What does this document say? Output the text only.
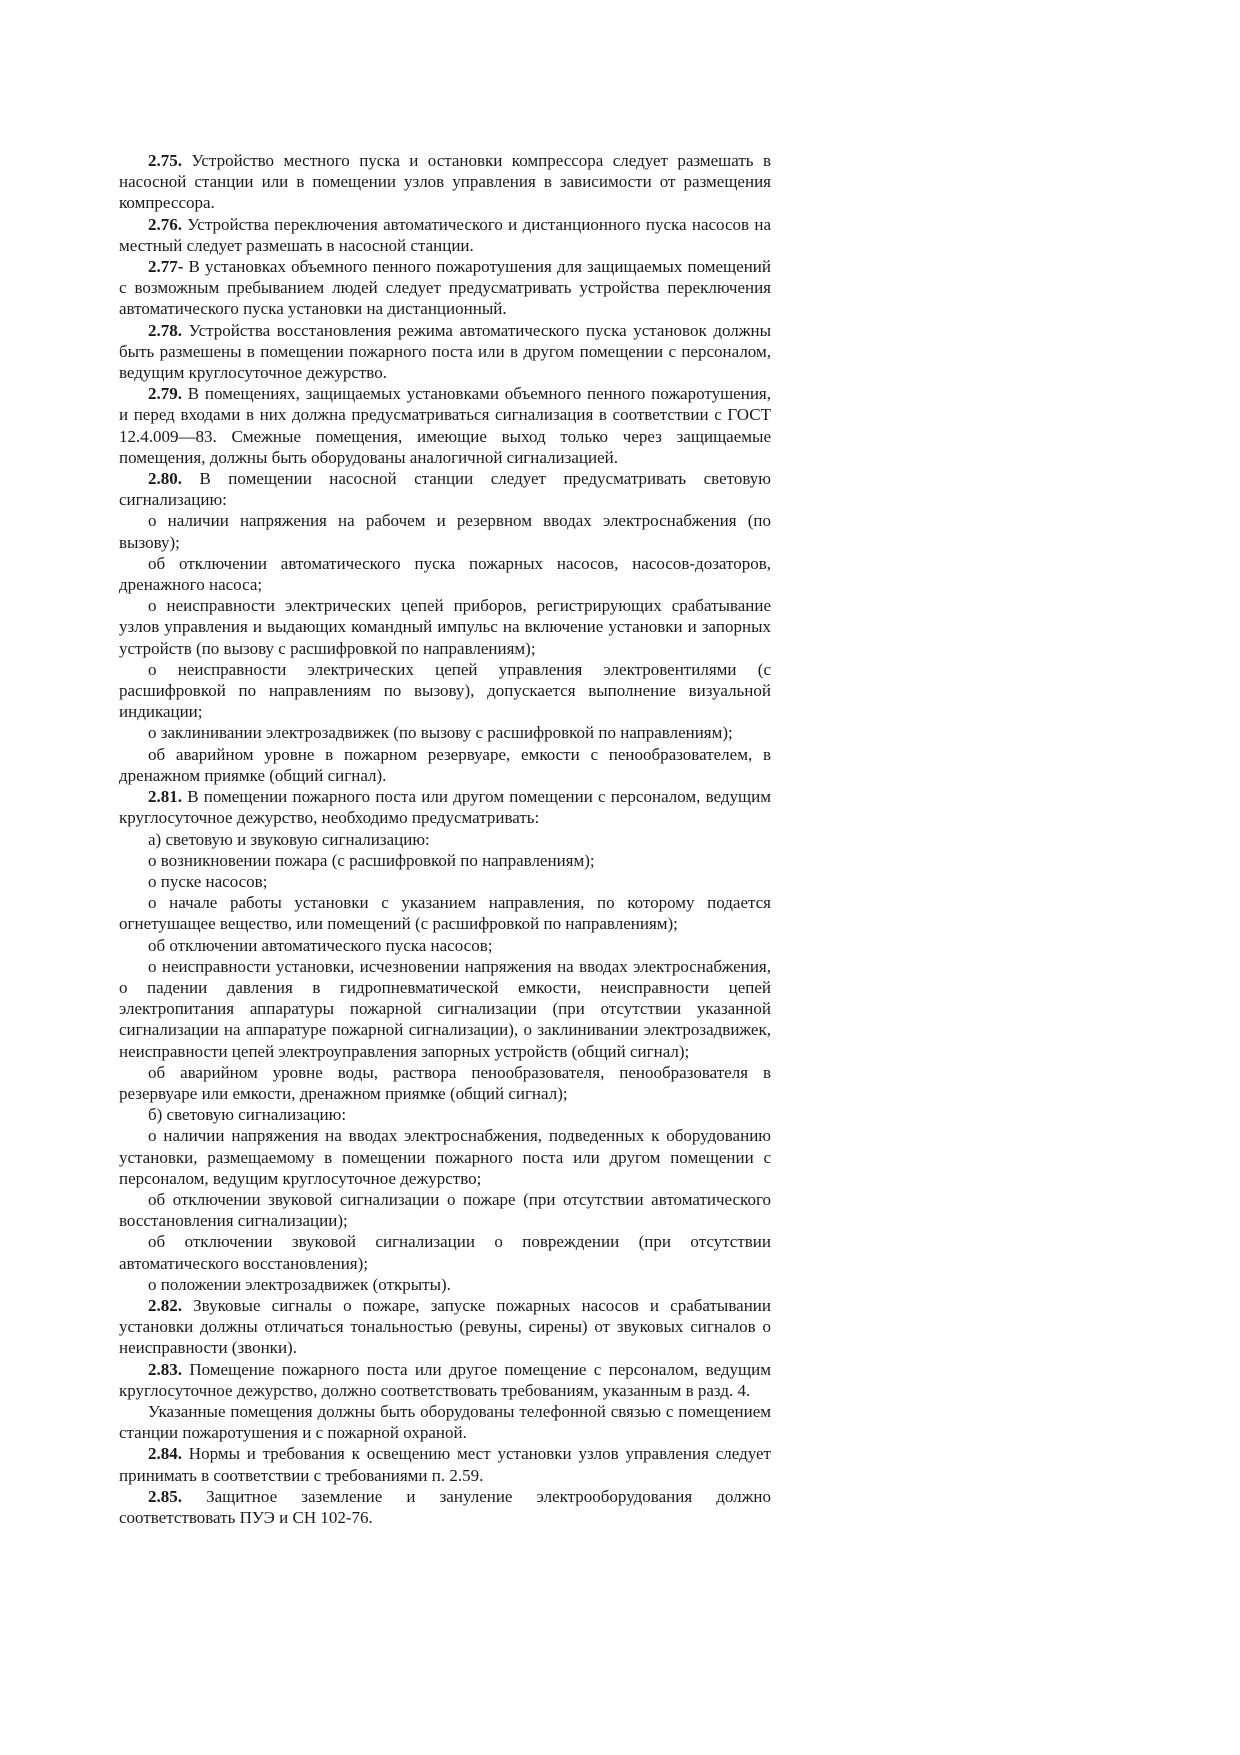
2.75. Устройство местного пуска и остановки компрессора следует размешать в насосной станции или в помещении узлов управления в зависимости от размещения компрессора.

2.76. Устройства переключения автоматического и дистанционного пуска насосов на местный следует размешать в насосной станции.

2.77- В установках объемного пенного пожаротушения для защищаемых помещений с возможным пребыванием людей следует предусматривать устройства переключения автоматического пуска установки на дистанционный.

2.78. Устройства восстановления режима автоматического пуска установок должны быть размешены в помещении пожарного поста или в другом помещении с персоналом, ведущим круглосуточное дежурство.

2.79. В помещениях, защищаемых установками объемного пенного пожаротушения, и перед входами в них должна предусматриваться сигнализация в соответствии с ГОСТ 12.4.009—83. Смежные помещения, имеющие выход только через защищаемые помещения, должны быть оборудованы аналогичной сигнализацией.

2.80. В помещении насосной станции следует предусматривать световую сигнализацию:

о наличии напряжения на рабочем и резервном вводах электроснабжения (по вызову);

об отключении автоматического пуска пожарных насосов, насосов-дозаторов, дренажного насоса;

о неисправности электрических цепей приборов, регистрирующих срабатывание узлов управления и выдающих командный импульс на включение установки и запорных устройств (по вызову с расшифровкой по направлениям);

о неисправности электрических цепей управления электровентилями (с расшифровкой по направлениям по вызову), допускается выполнение визуальной индикации;

о заклинивании электрозадвижек (по вызову с расшифровкой по направлениям);

об аварийном уровне в пожарном резервуаре, емкости с пенообразователем, в дренажном приямке (общий сигнал).

2.81. В помещении пожарного поста или другом помещении с персоналом, ведущим круглосуточное дежурство, необходимо предусматривать:

а) световую и звуковую сигнализацию:

о возникновении пожара (с расшифровкой по направлениям);

о пуске насосов;

о начале работы установки с указанием направления, по которому подается огнетушащее вещество, или помещений (с расшифровкой по направлениям);

об отключении автоматического пуска насосов;

о неисправности установки, исчезновении напряжения на вводах электроснабжения, о падении давления в гидропневматической емкости, неисправности цепей электропитания аппаратуры пожарной сигнализации (при отсутствии указанной сигнализации на аппаратуре пожарной сигнализации), о заклинивании электрозадвижек, неисправности цепей электроуправления запорных устройств (общий сигнал);

об аварийном уровне воды, раствора пенообразователя, пенообразователя в резервуаре или емкости, дренажном приямке (общий сигнал);

б) световую сигнализацию:

о наличии напряжения на вводах электроснабжения, подведенных к оборудованию установки, размещаемому в помещении пожарного поста или другом помещении с персоналом, ведущим круглосуточное дежурство;

об отключении звуковой сигнализации о пожаре (при отсутствии автоматического восстановления сигнализации);

об отключении звуковой сигнализации о повреждении (при отсутствии автоматического восстановления);

о положении электрозадвижек (открыты).

2.82. Звуковые сигналы о пожаре, запуске пожарных насосов и срабатывании установки должны отличаться тональностью (ревуны, сирены) от звуковых сигналов о неисправности (звонки).

2.83. Помещение пожарного поста или другое помещение с персоналом, ведущим круглосуточное дежурство, должно соответствовать требованиям, указанным в разд. 4.

Указанные помещения должны быть оборудованы телефонной связью с помещением станции пожаротушения и с пожарной охраной.

2.84. Нормы и требования к освещению мест установки узлов управления следует принимать в соответствии с требованиями п. 2.59.

2.85. Защитное заземление и зануление электрооборудования должно соответствовать ПУЭ и СН 102-76.
